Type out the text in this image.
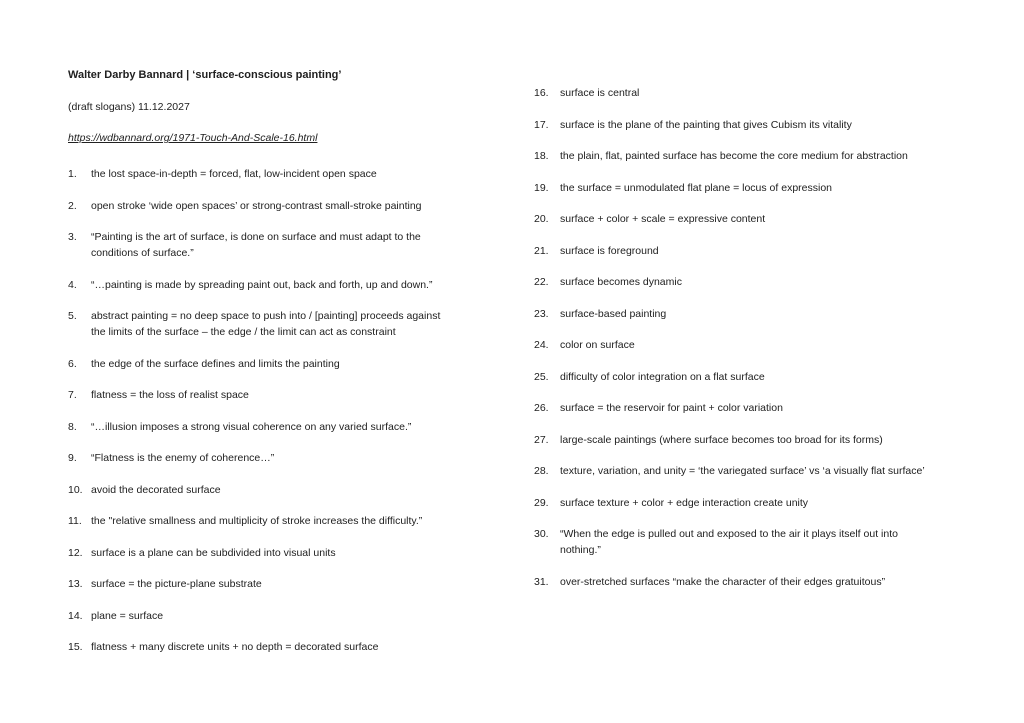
Walter Darby Bannard | ‘surface-conscious painting’

(draft slogans) 11.12.2027

https://wdbannard.org/1971-Touch-And-Scale-16.html

1. the lost space-in-depth = forced, flat, low-incident open space

2. open stroke ‘wide open spaces’ or strong-contrast small-stroke painting

3. “Painting is the art of surface, is done on surface and must adapt to the conditions of surface.”

4. “…painting is made by spreading paint out, back and forth, up and down.”

5. abstract painting = no deep space to push into / [painting] proceeds against the limits of the surface – the edge / the limit can act as constraint

6. the edge of the surface defines and limits the painting

7. flatness = the loss of realist space

8. “…illusion imposes a strong visual coherence on any varied surface.”

9. “Flatness is the enemy of coherence…”

10. avoid the decorated surface

11. the "relative smallness and multiplicity of stroke increases the difficulty.”

12. surface is a plane can be subdivided into visual units

13. surface = the picture-plane substrate

14. plane = surface

15. flatness + many discrete units + no depth = decorated surface

16. surface is central

17. surface is the plane of the painting that gives Cubism its vitality

18. the plain, flat, painted surface has become the core medium for abstraction

19. the surface = unmodulated flat plane = locus of expression

20. surface + color + scale = expressive content

21. surface is foreground

22. surface becomes dynamic

23. surface-based painting

24. color on surface

25. difficulty of color integration on a flat surface

26. surface = the reservoir for paint + color variation

27. large-scale paintings (where surface becomes too broad for its forms)

28. texture, variation, and unity = ‘the variegated surface’ vs ‘a visually flat surface’

29. surface texture + color + edge interaction create unity

30. “When the edge is pulled out and exposed to the air it plays itself out into nothing.”

31. over-stretched surfaces “make the character of their edges gratuitous”
